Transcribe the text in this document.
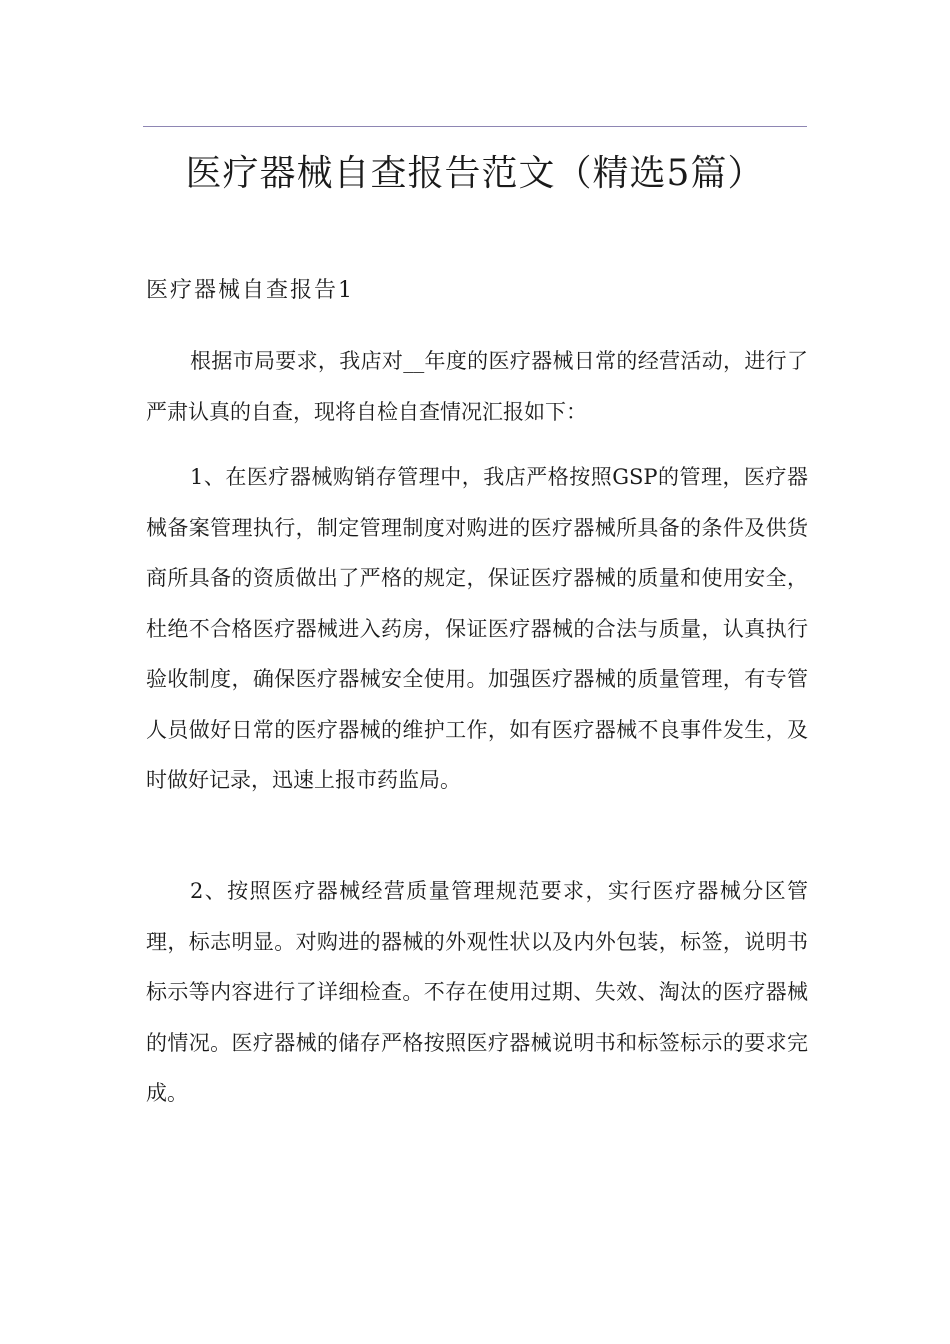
医疗器械自查报告范文（精选5篇）
医疗器械自查报告1

根据市局要求，我店对__年度的医疗器械日常的经营活动，进行了严肃认真的自查，现将自检自查情况汇报如下：

1、在医疗器械购销存管理中，我店严格按照GSP的管理，医疗器械备案管理执行，制定管理制度对购进的医疗器械所具备的条件及供货商所具备的资质做出了严格的规定，保证医疗器械的质量和使用安全，杜绝不合格医疗器械进入药房，保证医疗器械的合法与质量，认真执行验收制度，确保医疗器械安全使用。加强医疗器械的质量管理，有专管人员做好日常的医疗器械的维护工作，如有医疗器械不良事件发生，及时做好记录，迅速上报市药监局。

2、按照医疗器械经营质量管理规范要求，实行医疗器械分区管理，标志明显。对购进的器械的外观性状以及内外包装，标签，说明书标示等内容进行了详细检查。不存在使用过期、失效、淘汰的医疗器械的情况。医疗器械的储存严格按照医疗器械说明书和标签标示的要求完成。
